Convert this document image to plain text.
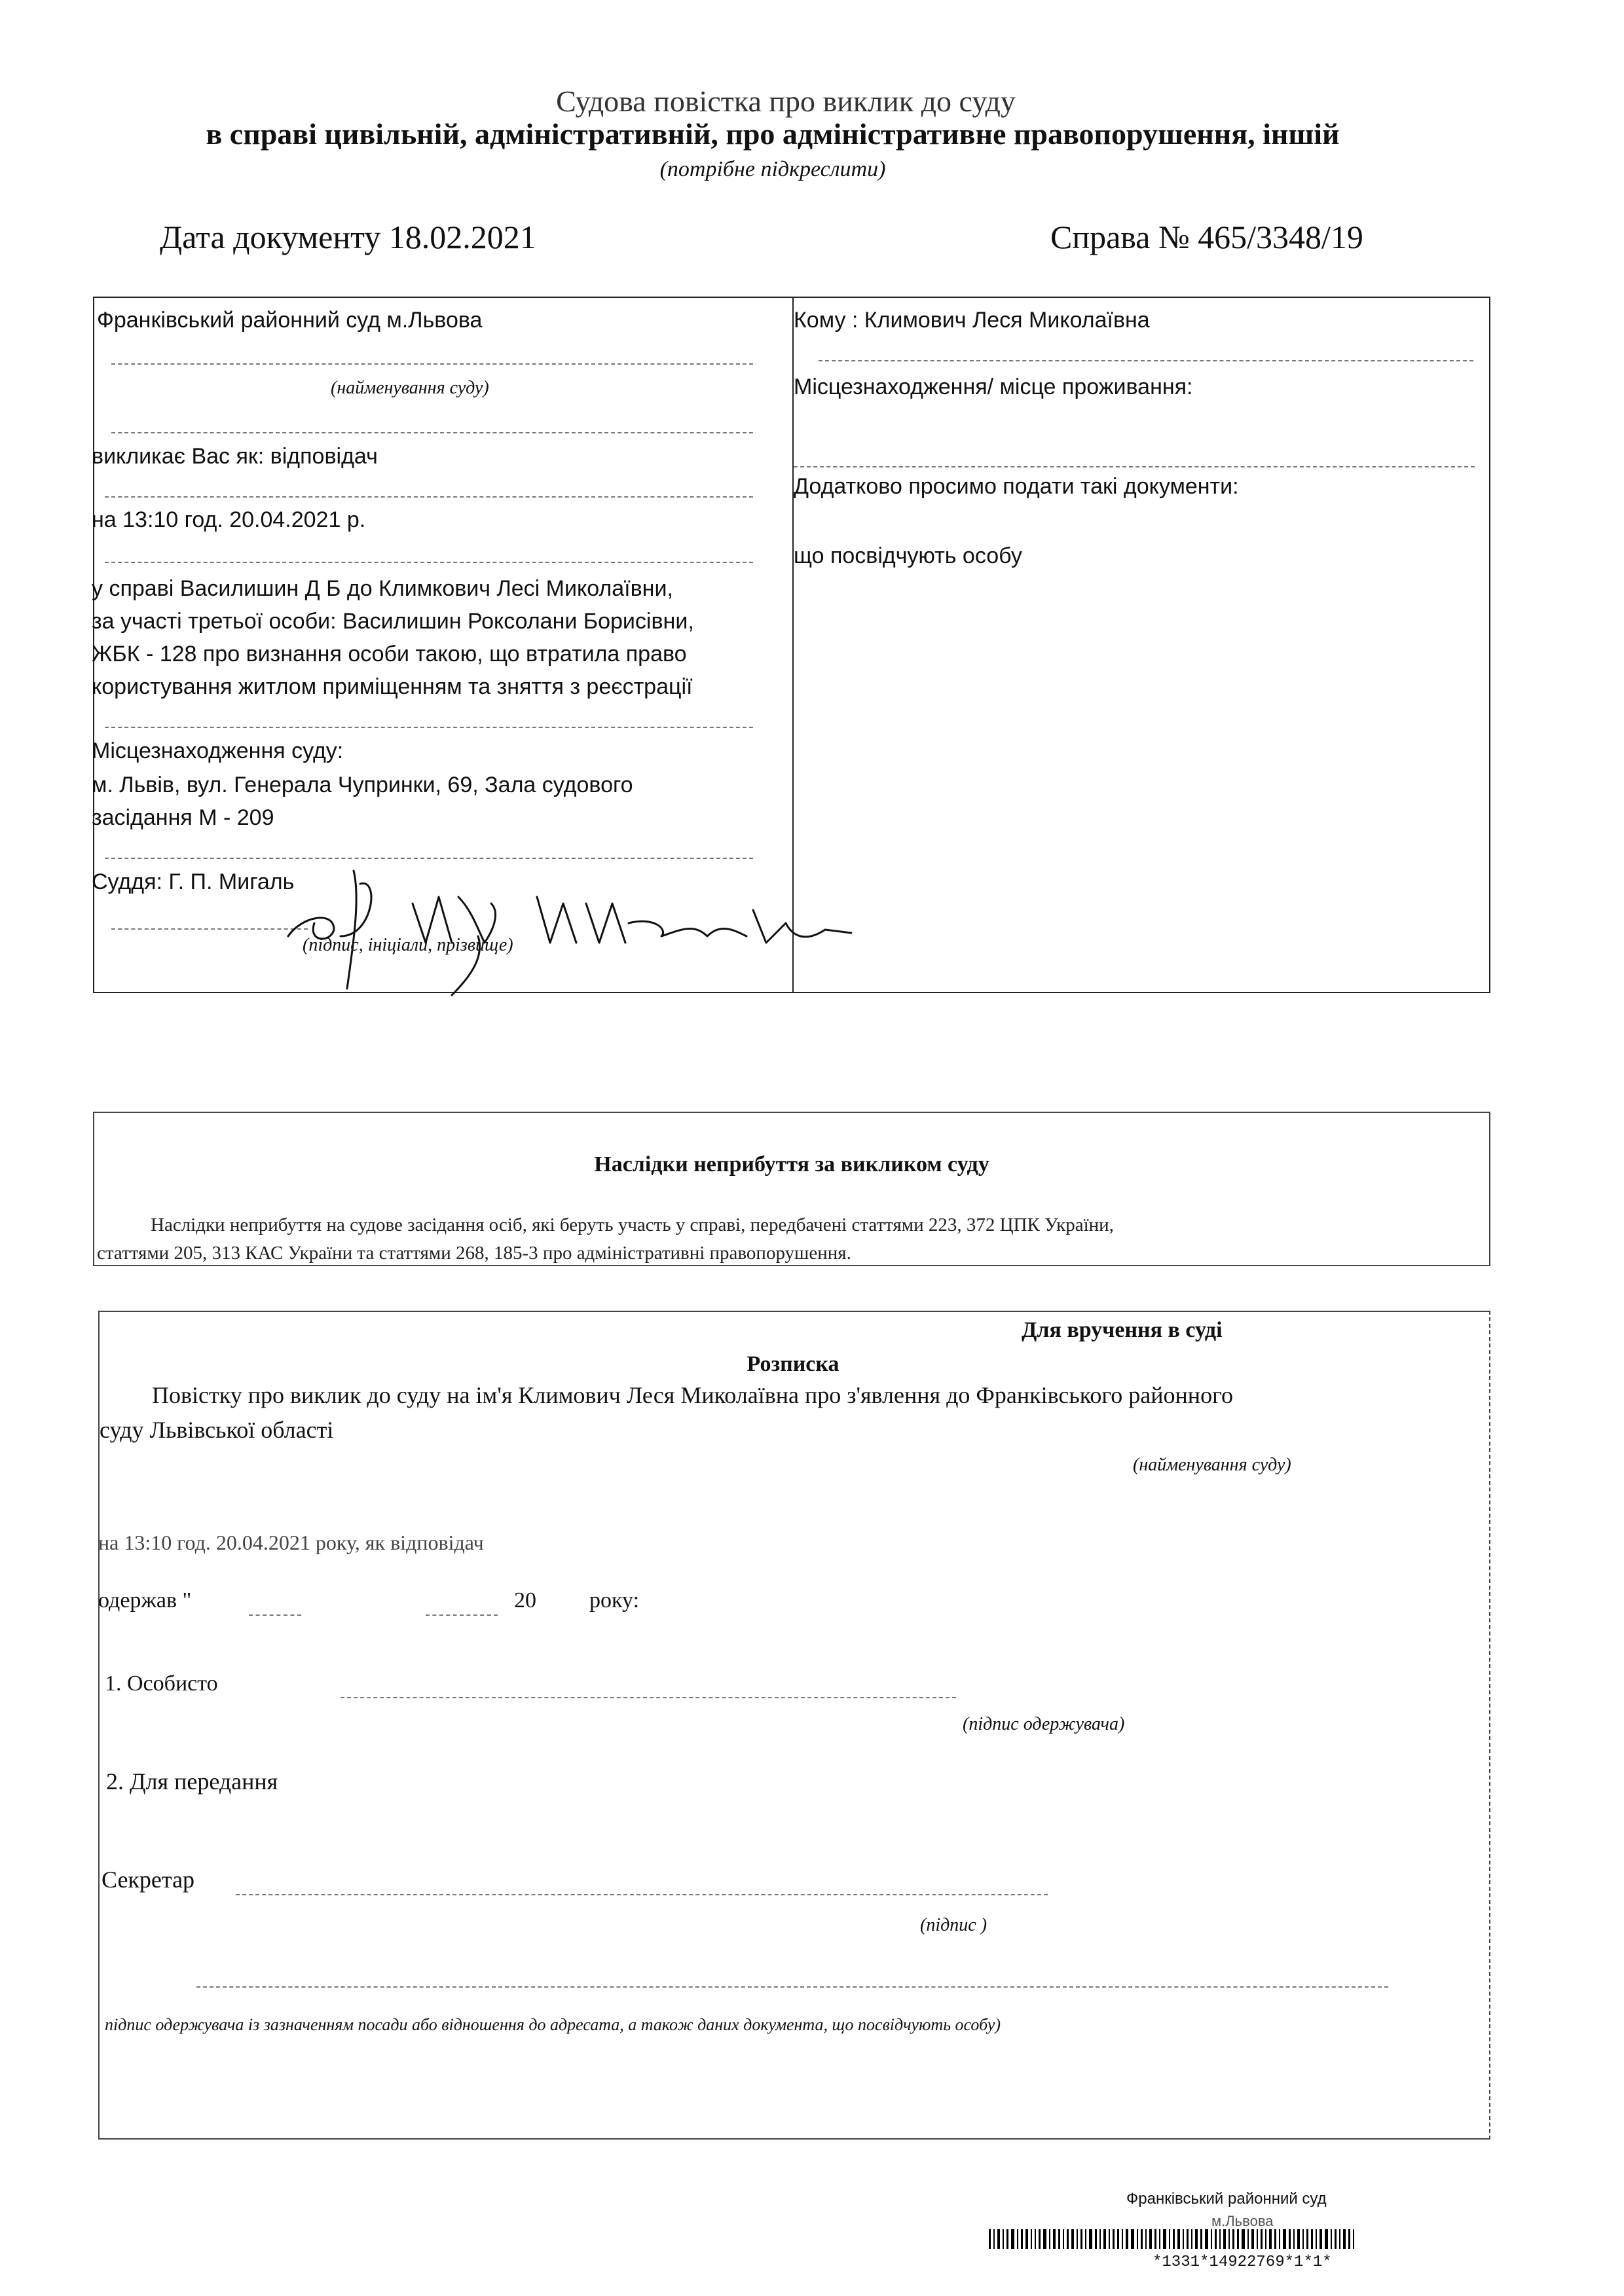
Судова повістка про виклик до суду
в справі цивільній, адміністративній, про адміністративне правопорушення, іншій
(потрібне підкреслити)
Дата документу 18.02.2021	Справа № 465/3348/19
Франківський районний суд м.Львова
(найменування суду)
викликає Вас як: відповідач
на 13:10 год. 20.04.2021 р.
у справі Василишин Д Б до Климкович Лесі Миколаївни,
за участі третьої особи: Василишин Роксолани Борисівни,
ЖБК - 128 про визнання особи такою, що втратила право
користування житлом приміщенням та зняття з реєстрації
Місцезнаходження суду:
м. Львів, вул. Генерала Чупринки, 69, Зала судового
засідання М - 209
Суддя: Г. П. Мигаль
(підпис, ініціали, прізвище)
Кому : Климович Леся Миколаївна
Місцезнаходження/ місце проживання:
Додатково просимо подати такі документи:
що посвідчують особу
Наслідки неприбуття за викликом суду
Наслідки неприбуття на судове засідання осіб, які беруть участь у справі, передбачені статтями 223, 372 ЦПК України,
статтями 205, 313 КАС України та статтями 268, 185-3 про адміністративні правопорушення.
Для вручення в суді
Розписка
Повістку про виклик до суду на ім'я Климович Леся Миколаївна про з'явлення до Франківського районного
суду Львівської області
(найменування суду)
на 13:10 год. 20.04.2021 року, як відповідач
одержав "	20 року:
1. Особисто
(підпис одержувача)
2. Для передання
Секретар
(підпис )
підпис одержувача із зазначенням посади або відношення до адресата, а також даних документа, що посвідчують особу)
Франківський районний суд
м.Львова
*1331*14922769*1*1*
